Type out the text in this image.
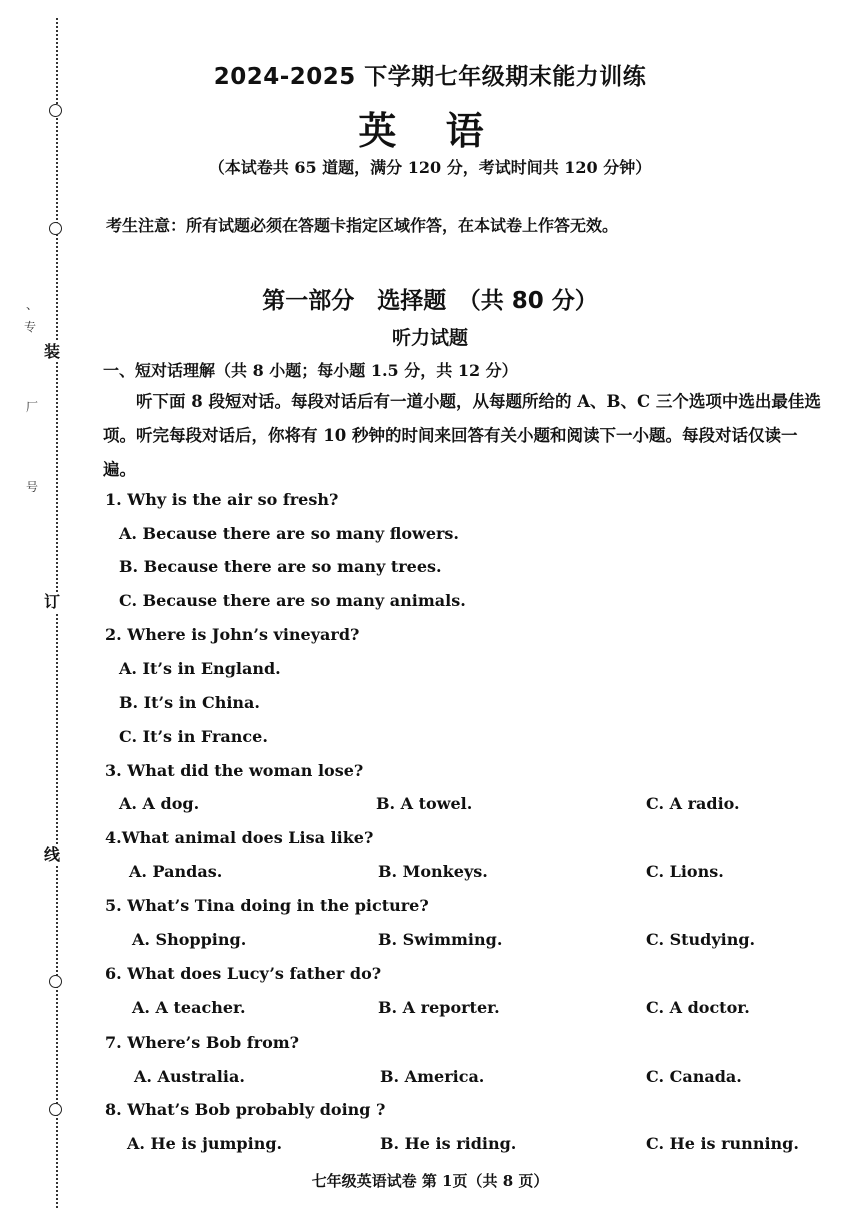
装
订
线
、
专
厂
号
2024-2025 下学期七年级期末能力训练
英 语
（本试卷共 65 道题，满分 120 分，考试时间共 120 分钟）
考生注意：所有试题必须在答题卡指定区域作答，在本试卷上作答无效。
第一部分　选择题　（共 80 分）
听力试题
一、短对话理解（共 8 小题；每小题 1.5 分，共 12 分）
听下面 8 段短对话。每段对话后有一道小题，从每题所给的 A、B、C 三个选项中选出最佳选项。听完每段对话后，你将有 10 秒钟的时间来回答有关小题和阅读下一小题。每段对话仅读一遍。
1. Why is the air so fresh?
A. Because there are so many flowers.
B. Because there are so many trees.
C. Because there are so many animals.
2. Where is John’s vineyard?
A. It’s in England.
B. It’s in China.
C. It’s in France.
3. What did the woman lose?
A. A dog.	B. A towel.	C. A radio.
4.What animal does Lisa like?
A. Pandas.	B. Monkeys.	C. Lions.
5. What’s Tina doing in the picture?
A. Shopping.	B. Swimming.	C. Studying.
6. What does Lucy’s father do?
A. A teacher.	B. A reporter.	C. A doctor.
7. Where’s Bob from?
A. Australia.	B. America.	C. Canada.
8. What’s Bob probably doing ?
A. He is jumping.	B. He is riding.	C. He is running.
七年级英语试卷 第 1页（共 8 页）
